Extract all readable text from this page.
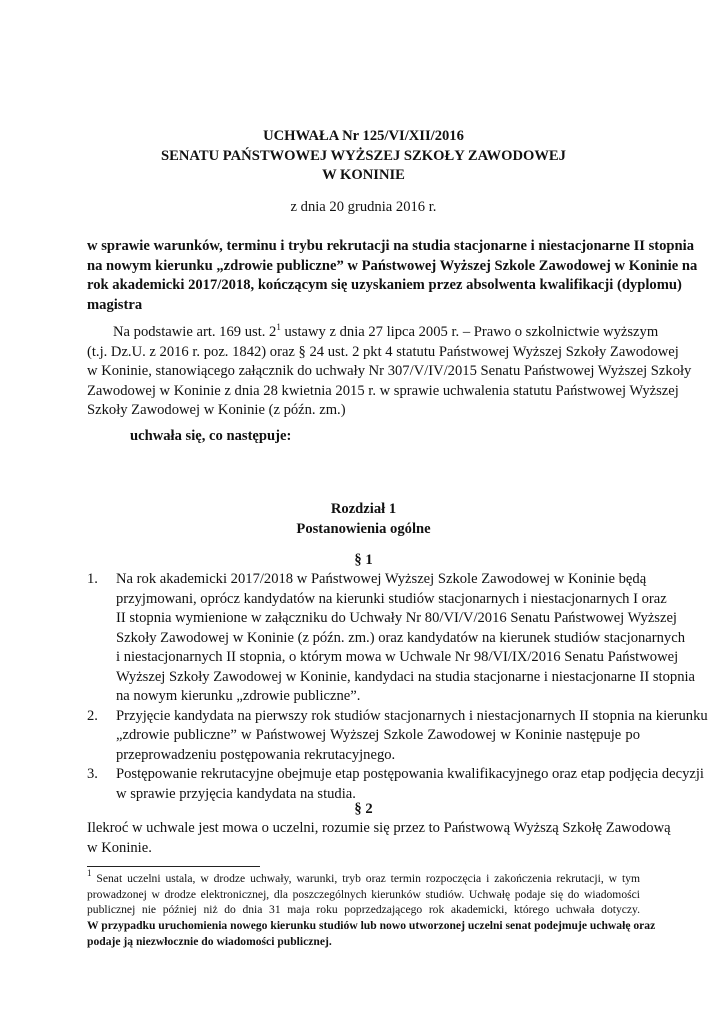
UCHWAŁA Nr 125/VI/XII/2016
SENATU PAŃSTWOWEJ WYŻSZEJ SZKOŁY ZAWODOWEJ
W KONINIE
z dnia 20 grudnia 2016 r.
w sprawie warunków, terminu i trybu rekrutacji na studia stacjonarne i niestacjonarne II stopnia
na nowym kierunku „zdrowie publiczne” w Państwowej Wyższej Szkole Zawodowej w Koninie na
rok akademicki 2017/2018, kończącym się uzyskaniem przez absolwenta kwalifikacji (dyplomu)
magistra
Na podstawie art. 169 ust. $2^1$ ustawy z dnia 27 lipca 2005 r. – Prawo o szkolnictwie wyższym
(t.j. Dz.U. z 2016 r. poz. 1842) oraz § 24 ust. 2 pkt 4 statutu Państwowej Wyższej Szkoły Zawodowej
w Koninie, stanowiącego załącznik do uchwały Nr 307/V/IV/2015 Senatu Państwowej Wyższej Szkoły
Zawodowej w Koninie z dnia 28 kwietnia 2015 r. w sprawie uchwalenia statutu Państwowej Wyższej
Szkoły Zawodowej w Koninie (z późn. zm.)
uchwała się, co następuje:
Rozdział 1
Postanowienia ogólne
§ 1
1. Na rok akademicki 2017/2018 w Państwowej Wyższej Szkole Zawodowej w Koninie będą
przyjmowani, oprócz kandydatów na kierunki studiów stacjonarnych i niestacjonarnych I oraz
II stopnia wymienione w załączniku do Uchwały Nr 80/VI/V/2016 Senatu Państwowej Wyższej
Szkoły Zawodowej w Koninie (z późn. zm.) oraz kandydatów na kierunek studiów stacjonarnych
i niestacjonarnych II stopnia, o którym mowa w Uchwale Nr 98/VI/IX/2016 Senatu Państwowej
Wyższej Szkoły Zawodowej w Koninie, kandydaci na studia stacjonarne i niestacjonarne II stopnia
na nowym kierunku „zdrowie publiczne”.
2. Przyjęcie kandydata na pierwszy rok studiów stacjonarnych i niestacjonarnych II stopnia na kierunku
„zdrowie publiczne” w Państwowej Wyższej Szkole Zawodowej w Koninie następuje po
przeprowadzeniu postępowania rekrutacyjnego.
3. Postępowanie rekrutacyjne obejmuje etap postępowania kwalifikacyjnego oraz etap podjęcia decyzji
w sprawie przyjęcia kandydata na studia.
§ 2
Ilekroć w uchwale jest mowa o uczelni, rozumie się przez to Państwową Wyższą Szkołę Zawodową
w Koninie.
$^1$ Senat uczelni ustala, w drodze uchwały, warunki, tryb oraz termin rozpoczęcia i zakończenia rekrutacji, w tym
prowadzonej w drodze elektronicznej, dla poszczególnych kierunków studiów. Uchwałę podaje się do wiadomości
publicznej nie później niż do dnia 31 maja roku poprzedzającego rok akademicki, którego uchwała dotyczy.
W przypadku uruchomienia nowego kierunku studiów lub nowo utworzonej uczelni senat podejmuje uchwałę oraz
podaje ją niezwłocznie do wiadomości publicznej.
